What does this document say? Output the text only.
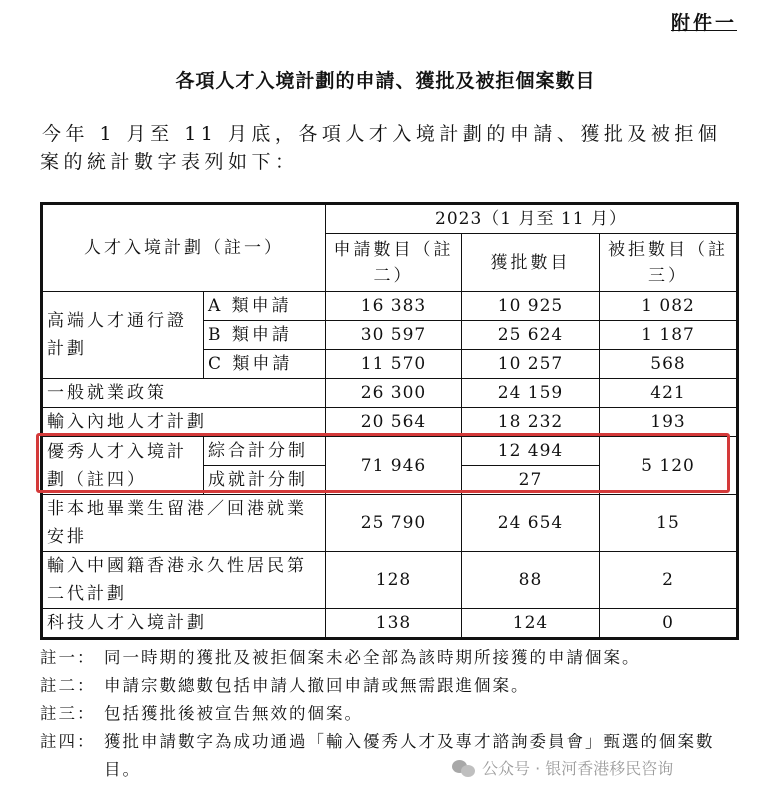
附件一
各項人才入境計劃的申請、獲批及被拒個案數目
今年 1 月至 11 月底，各項人才入境計劃的申請、獲批及被拒個案的統計數字表列如下：
人才入境計劃（註一）		2023（1 月至 11 月）		
		申請數目（註二）	獲批數目	被拒數目（註三）
高端人才通行證計劃	A 類申請	16 383	10 925	1 082
	B 類申請	30 597	25 624	1 187
	C 類申請	11 570	10 257	568
一般就業政策		26 300	24 159	421
輸入內地人才計劃		20 564	18 232	193
優秀人才入境計劃（註四）	綜合計分制	71 946	12 494	5 120
	成就計分制		27	
非本地畢業生留港／回港就業安排		25 790	24 654	15
輸入中國籍香港永久性居民第二代計劃		128	88	2
科技人才入境計劃		138	124	0
註一： 同一時期的獲批及被拒個案未必全部為該時期所接獲的申請個案。
註二： 申請宗數總數包括申請人撤回申請或無需跟進個案。
註三： 包括獲批後被宣告無效的個案。
註四： 獲批申請數字為成功通過「輸入優秀人才及專才諮詢委員會」甄選的個案數目。	公众号 · 银河香港移民咨询
